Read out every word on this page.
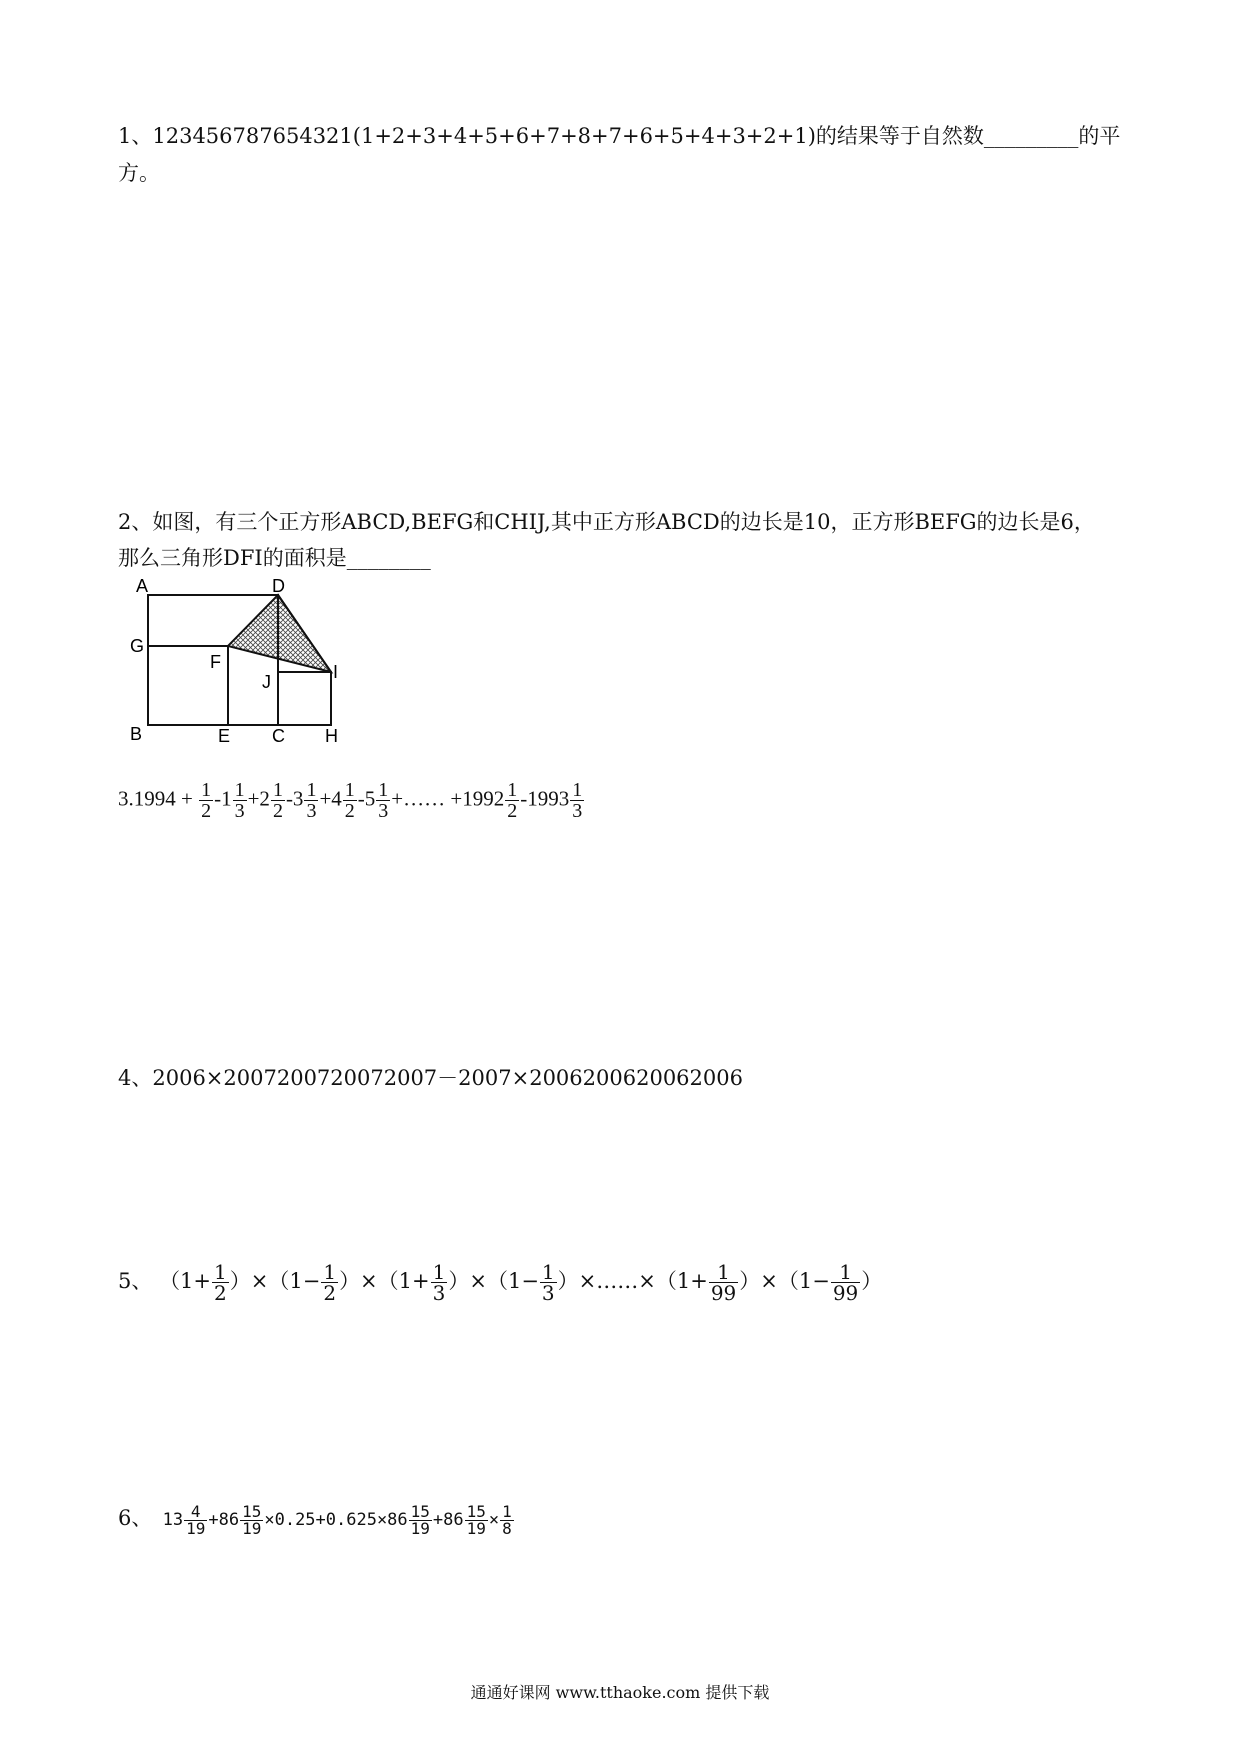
1、123456787654321(1+2+3+4+5+6+7+8+7+6+5+4+3+2+1)的结果等于自然数_________的平
方。
2、如图，有三个正方形ABCD,BEFG和CHIJ,其中正方形ABCD的边长是10，正方形BEFG的边长是6，
那么三角形DFI的面积是________
A	D
G
F
J	I
B	E C H
$3.1994 + \frac{1}{2} -1 \frac{1}{3} +2 \frac{1}{2} -3 \frac{1}{3} +4 \frac{1}{2} -5 \frac{1}{3}$ +…… $+1992 \frac{1}{2} -1993 \frac{1}{3}$
4、2006×2007200720072007－2007×2006200620062006
5、 $(1+ \frac{1}{2} )\times(1- \frac{1}{2} )\times(1+ \frac{1}{3} )\times(1- \frac{1}{3}$ ）×……×（1+ $\frac{1}{99} )\times(1- \frac{1}{99}$ ）
6、 $13 \frac{4}{19} +86 \frac{15}{19} \times 0.25+0.625\times 86 \frac{15}{19} +86 \frac{15}{19} \times \frac{1}{8}$
通通好课网 www.tthaoke.com 提供下载
